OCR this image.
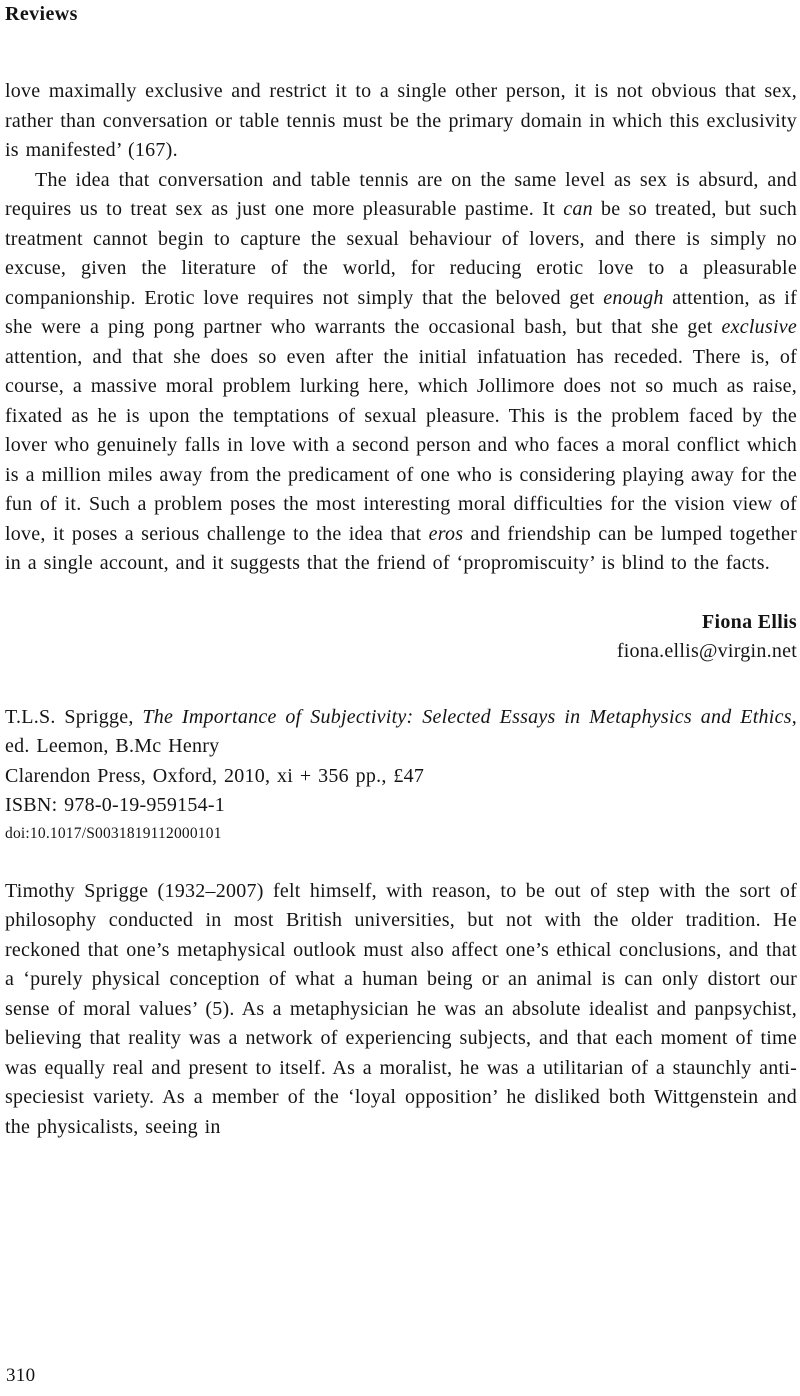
Reviews

love maximally exclusive and restrict it to a single other person, it is not obvious that sex, rather than conversation or table tennis must be the primary domain in which this exclusivity is manifested’ (167).

The idea that conversation and table tennis are on the same level as sex is absurd, and requires us to treat sex as just one more pleasurable pastime. It can be so treated, but such treatment cannot begin to capture the sexual behaviour of lovers, and there is simply no excuse, given the literature of the world, for reducing erotic love to a pleasurable companionship. Erotic love requires not simply that the beloved get enough attention, as if she were a ping pong partner who warrants the occasional bash, but that she get exclusive attention, and that she does so even after the initial infatuation has receded. There is, of course, a massive moral problem lurking here, which Jollimore does not so much as raise, fixated as he is upon the temptations of sexual pleasure. This is the problem faced by the lover who genuinely falls in love with a second person and who faces a moral conflict which is a million miles away from the predicament of one who is considering playing away for the fun of it. Such a problem poses the most interesting moral difficulties for the vision view of love, it poses a serious challenge to the idea that eros and friendship can be lumped together in a single account, and it suggests that the friend of ‘propromiscuity’ is blind to the facts.

Fiona Ellis
fiona.ellis@virgin.net
T.L.S. Sprigge, The Importance of Subjectivity: Selected Essays in Metaphysics and Ethics, ed. Leemon, B.Mc Henry
Clarendon Press, Oxford, 2010, xi + 356 pp., £47
ISBN: 978-0-19-959154-1
doi:10.1017/S0031819112000101

Timothy Sprigge (1932–2007) felt himself, with reason, to be out of step with the sort of philosophy conducted in most British universities, but not with the older tradition. He reckoned that one’s metaphysical outlook must also affect one’s ethical conclusions, and that a ‘purely physical conception of what a human being or an animal is can only distort our sense of moral values’ (5). As a metaphysician he was an absolute idealist and panpsychist, believing that reality was a network of experiencing subjects, and that each moment of time was equally real and present to itself. As a moralist, he was a utilitarian of a staunchly anti-speciesist variety. As a member of the ‘loyal opposition’ he disliked both Wittgenstein and the physicalists, seeing in

310
